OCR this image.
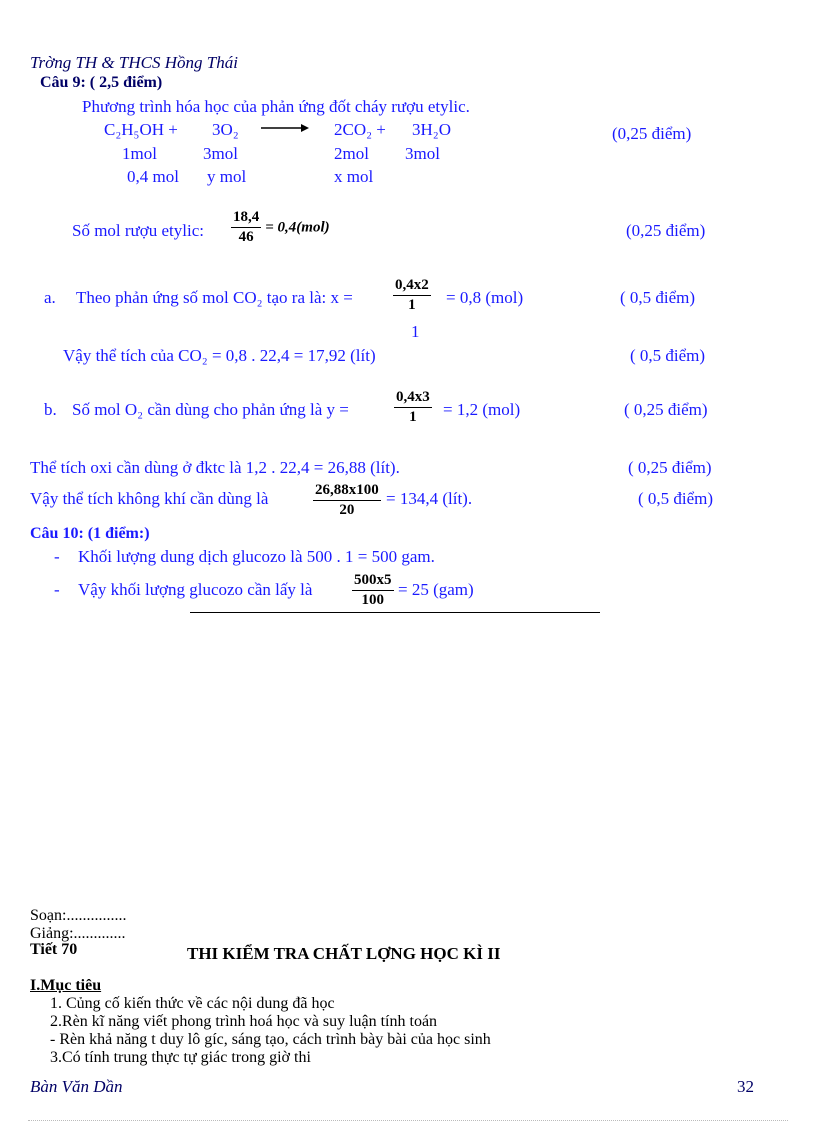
Trờng TH & THCS Hồng Thái
Câu 9: ( 2,5 điểm)
Phương trình hóa học của phản ứng đốt cháy rượu etylic.
C₂H₅OH + 3O₂ → 2CO₂ + 3H₂O	(0,25 điểm)
1mol	3mol	2mol 3mol
0,4 mol y mol	x mol
Số mol rượu etylic: $\frac{18,4}{46} = 0,4(mol)$	(0,25 điểm)
a. Theo phản ứng số mol CO₂ tạo ra là: x =	$\frac{0,4x2}{1} = 0,8$ (mol)	( 0,5 điểm)
1
Vậy thể tích của CO₂ = 0,8 . 22,4 = 17,92 (lít)	( 0,5 điểm)
b. Số mol O₂ cần dùng cho phản ứng là y =	$\frac{0,4x3}{1} = 1,2$ (mol)	( 0,25 điểm)
Thể tích oxi cần dùng ở đktc là 1,2 . 22,4 = 26,88 (lít).	( 0,25 điểm)
Vậy thể tích không khí cần dùng là	$\frac{26,88x100}{20} = 134,4$ (lít).	( 0,5 điểm)
Câu 10: (1 điểm:)
- Khối lượng dung dịch glucozo là 500 . 1 = 500 gam.
- Vậy khối lượng glucozo cần lấy là	$\frac{500x5}{100} = 25$ (gam)
Soạn:...............
Giảng:.............
Tiết 70	THI KIỂM TRA CHẤT LỢNG HỌC KÌ II
I.Mục tiêu
1. Củng cố kiến thức về các nội dung đã học
2.Rèn kĩ năng viết phong trình hoá học và suy luận tính toán
- Rèn khả năng t duy lô gíc, sáng tạo, cách trình bày bài của học sinh
3.Có tính trung thực tự giác trong giờ thi
Bàn Văn Dần	32
